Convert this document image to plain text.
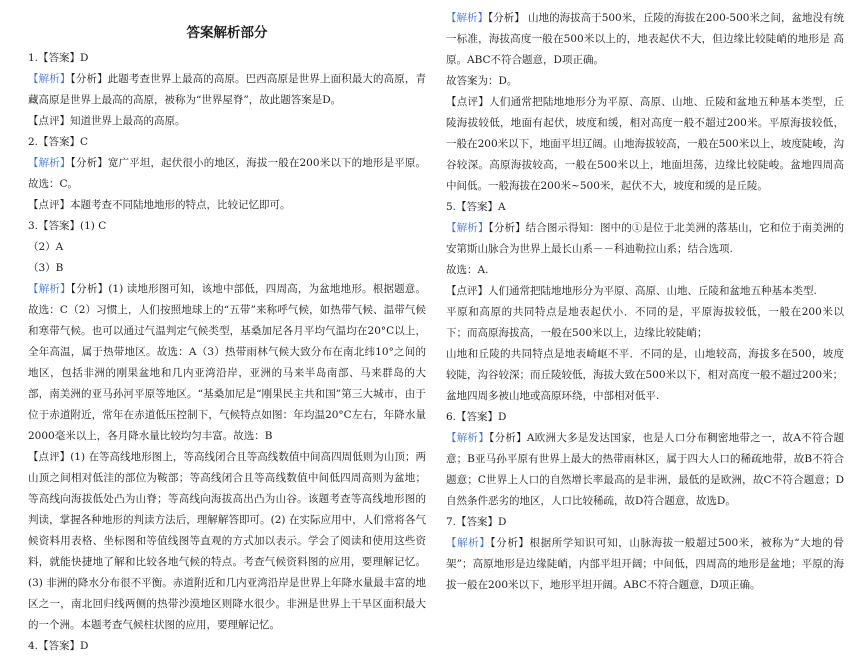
答案解析部分

1.【答案】D

【解析】【分析】此题考查世界上最高的高原。巴西高原是世界上面积最大的高原，青藏高原是世界上最高的高原，被称为“世界屋脊”，故此题答案是D。

【点评】知道世界上最高的高原。

2.【答案】C

【解析】【分析】宽广平坦，起伏很小的地区，海拔一般在200米以下的地形是平原。故选：C。

【点评】本题考查不同陆地地形的特点，比较记忆即可。

3.【答案】(1) C

（2）A

（3）B

【解析】【分析】(1) 读地形图可知，该地中部低，四周高，为盆地地形。根据题意。故选：C（2）习惯上，人们按照地球上的“五带”来称呼气候，如热带气候、温带气候和寒带气候。也可以通过气温判定气候类型，基桑加尼各月平均气温均在20°C以上，全年高温，属于热带地区。故选：A（3）热带雨林气候大致分布在南北纬10°之间的地区，包括非洲的刚果盆地和几内亚湾沿岸，亚洲的马来半岛南部、马来群岛的大部，南美洲的亚马孙河平原等地区。“基桑加尼是“刚果民主共和国”第三大城市，由于位于赤道附近，常年在赤道低压控制下，气候特点如图：年均温20°C左右，年降水量2000毫米以上，各月降水量比较均匀丰富。故选：B

【点评】(1) 在等高线地形图上，等高线闭合且等高线数值中间高四周低则为山顶；两山顶之间相对低洼的部位为鞍部；等高线闭合且等高线数值中间低四周高则为盆地；等高线向海拔低处凸为山脊；等高线向海拔高出凸为山谷。该题考查等高线地形图的判读，掌握各种地形的判读方法后，理解解答即可。(2) 在实际应用中，人们常将各气候资料用表格、坐标图和等值线图等直观的方式加以表示。学会了阅读和使用这些资料，就能快捷地了解和比较各地气候的特点。考查气候资料图的应用，要理解记忆。(3) 非洲的降水分布很不平衡。赤道附近和几内亚湾沿岸是世界上年降水量最丰富的地区之一，南北回归线两侧的热带沙漠地区则降水很少。非洲是世界上干旱区面积最大的一个洲。本题考查气候柱状图的应用，要理解记忆。

4.【答案】D

【解析】【分析】 山地的海拔高于500米，丘陵的海拔在200-500米之间，盆地没有统一标准，海拔高度一般在500米以上的，地表起伏不大，但边缘比较陡峭的地形是 高原。ABC不符合题意，D项正确。

故答案为：D。

【点评】人们通常把陆地地形分为平原、高原、山地、丘陵和盆地五种基本类型，丘陵海拔较低，地面有起伏，坡度和缓，相对高度一般不超过200米。平原海拔较低，一般在200米以下，地面平坦辽阔。山地海拔较高，一般在500米以上，坡度陡峻，沟谷较深。高原海拔较高，一般在500米以上，地面坦荡，边缘比较陡峻。盆地四周高中间低。一般海拔在200米~500米，起伏不大，坡度和缓的是丘陵。

5.【答案】A

【解析】【分析】结合图示得知：图中的①是位于北美洲的落基山，它和位于南美洲的安第斯山脉合为世界上最长山系－－科迪勒拉山系；结合选项.

故选：A.

【点评】人们通常把陆地地形分为平原、高原、山地、丘陵和盆地五种基本类型.

平原和高原的共同特点是地表起伏小．不同的是，平原海拔较低，一般在200米以下；而高原海拔高，一般在500米以上，边缘比较陡峭；

山地和丘陵的共同特点是地表崎岖不平．不同的是，山地较高，海拔多在500，坡度较陡，沟谷较深；而丘陵较低，海拔大致在500米以下，相对高度一般不超过200米；

盆地四周多被山地或高原环绕，中部相对低平.

6.【答案】D

【解析】【分析】A欧洲大多是发达国家，也是人口分布稠密地带之一，故A不符合题意；B亚马孙平原有世界上最大的热带雨林区，属于四大人口的稀疏地带，故B不符合题意；C世界上人口的自然增长率最高的是非洲，最低的是欧洲，故C不符合题意；D自然条件恶劣的地区，人口比较稀疏，故D符合题意，故选D。

7.【答案】D

【解析】【分析】根据所学知识可知，山脉海拔一般超过500米，被称为“大地的骨架”；高原地形是边缘陡峭，内部平坦开阔；中间低，四周高的地形是盆地；平原的海拔一般在200米以下，地形平坦开阔。ABC不符合题意，D项正确。
